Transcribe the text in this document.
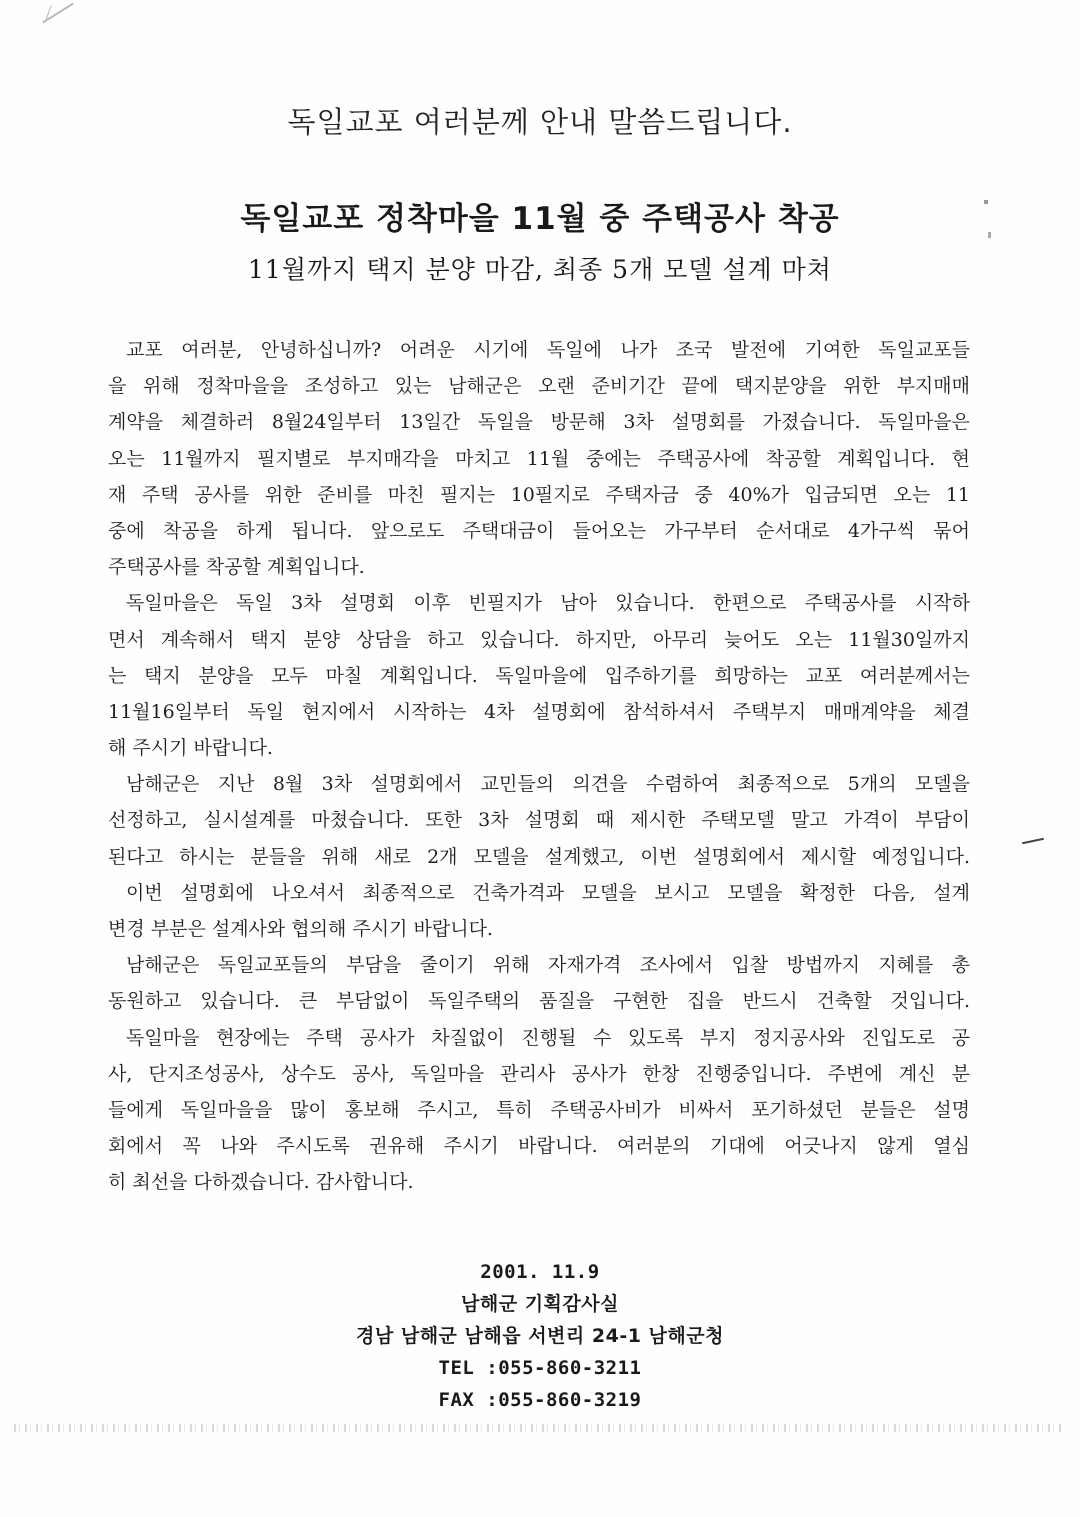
독일교포 여러분께 안내 말씀드립니다.
독일교포 정착마을 11월 중 주택공사 착공
11월까지 택지 분양 마감, 최종 5개 모델 설계 마쳐
교포 여러분, 안녕하십니까? 어려운 시기에 독일에 나가 조국 발전에 기여한 독일교포들
을 위해 정착마을을 조성하고 있는 남해군은 오랜 준비기간 끝에 택지분양을 위한 부지매매
계약을 체결하러 8월24일부터 13일간 독일을 방문해 3차 설명회를 가졌습니다. 독일마을은
오는 11월까지 필지별로 부지매각을 마치고 11월 중에는 주택공사에 착공할 계획입니다. 현
재 주택 공사를 위한 준비를 마친 필지는 10필지로 주택자금 중 40%가 입금되면 오는 11
중에 착공을 하게 됩니다. 앞으로도 주택대금이 들어오는 가구부터 순서대로 4가구씩 묶어
주택공사를 착공할 계획입니다.
독일마을은 독일 3차 설명회 이후 빈필지가 남아 있습니다. 한편으로 주택공사를 시작하
면서 계속해서 택지 분양 상담을 하고 있습니다. 하지만, 아무리 늦어도 오는 11월30일까지
는 택지 분양을 모두 마칠 계획입니다. 독일마을에 입주하기를 희망하는 교포 여러분께서는
11월16일부터 독일 현지에서 시작하는 4차 설명회에 참석하셔서 주택부지 매매계약을 체결
해 주시기 바랍니다.
남해군은 지난 8월 3차 설명회에서 교민들의 의견을 수렴하여 최종적으로 5개의 모델을
선정하고, 실시설계를 마쳤습니다. 또한 3차 설명회 때 제시한 주택모델 말고 가격이 부담이
된다고 하시는 분들을 위해 새로 2개 모델을 설계했고, 이번 설명회에서 제시할 예정입니다.
이번 설명회에 나오셔서 최종적으로 건축가격과 모델을 보시고 모델을 확정한 다음, 설계
변경 부분은 설계사와 협의해 주시기 바랍니다.
남해군은 독일교포들의 부담을 줄이기 위해 자재가격 조사에서 입찰 방법까지 지혜를 총
동원하고 있습니다. 큰 부담없이 독일주택의 품질을 구현한 집을 반드시 건축할 것입니다.
독일마을 현장에는 주택 공사가 차질없이 진행될 수 있도록 부지 정지공사와 진입도로 공
사, 단지조성공사, 상수도 공사, 독일마을 관리사 공사가 한창 진행중입니다. 주변에 계신 분
들에게 독일마을을 많이 홍보해 주시고, 특히 주택공사비가 비싸서 포기하셨던 분들은 설명
회에서 꼭 나와 주시도록 권유해 주시기 바랍니다. 여러분의 기대에 어긋나지 않게 열심
히 최선을 다하겠습니다. 감사합니다.
2001. 11.9
남해군 기획감사실
경남 남해군 남해읍 서변리 24-1 남해군청
TEL :055-860-3211
FAX :055-860-3219
